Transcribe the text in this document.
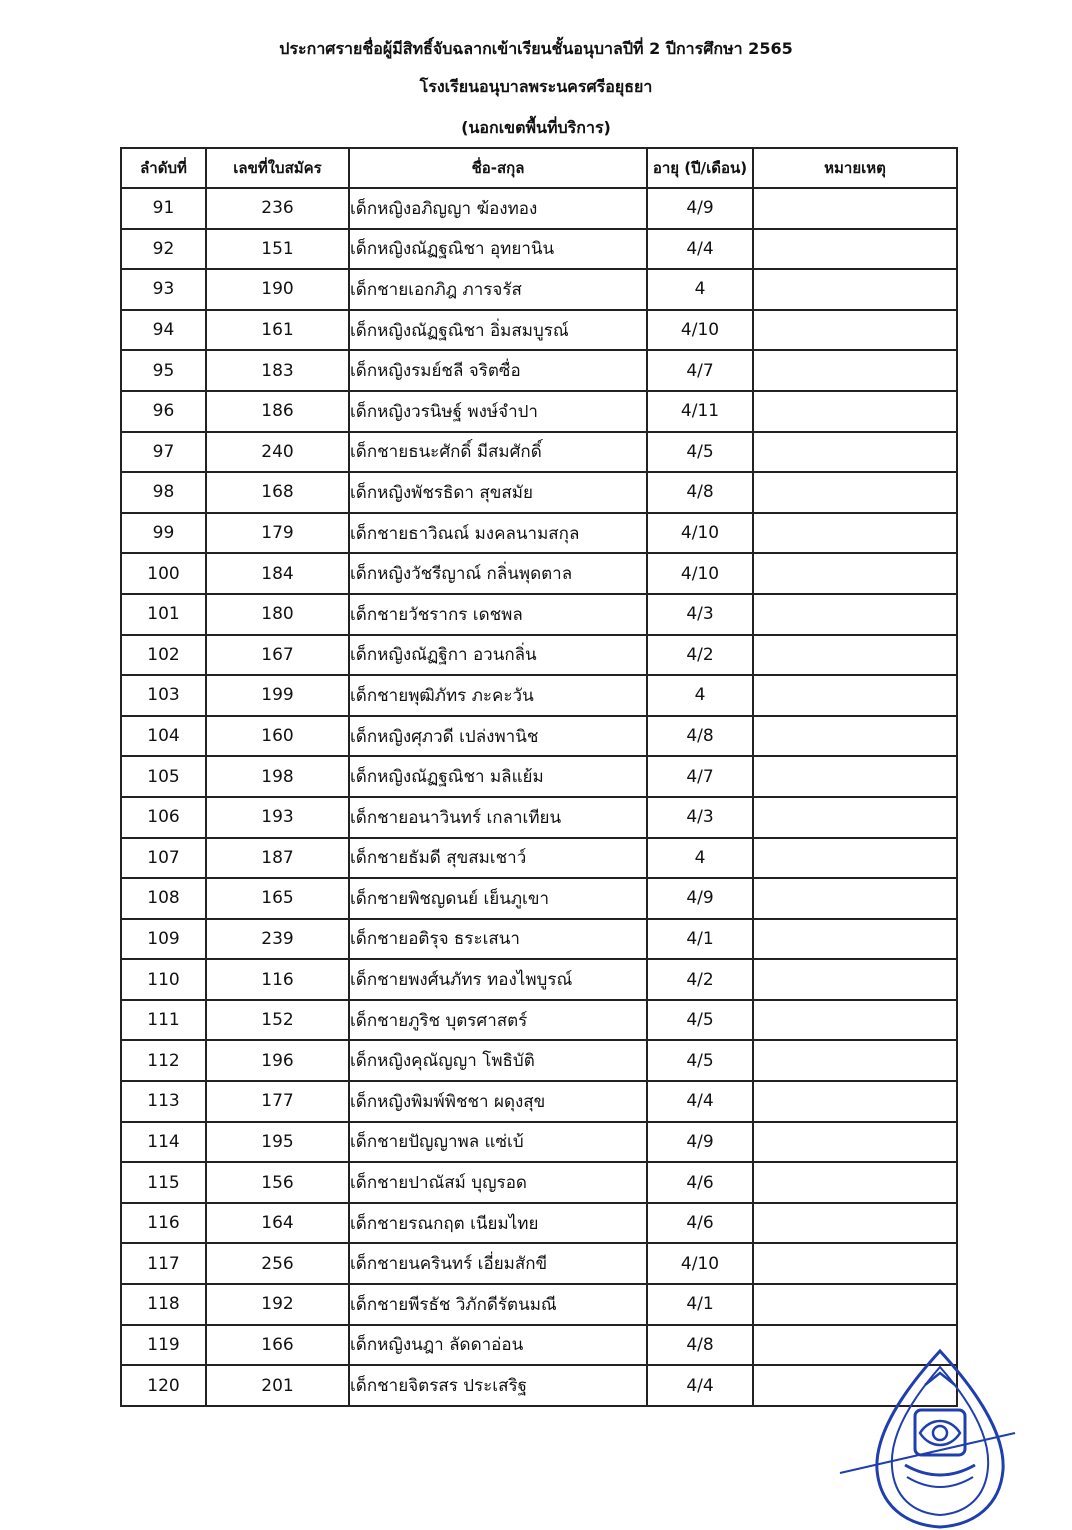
ประกาศรายชื่อผู้มีสิทธิ์จับฉลากเข้าเรียนชั้นอนุบาลปีที่ 2 ปีการศึกษา 2565
โรงเรียนอนุบาลพระนครศรีอยุธยา
(นอกเขตพื้นที่บริการ)
ลำดับที่	เลขที่ใบสมัคร	ชื่อ-สกุล	อายุ (ปี/เดือน)	หมายเหตุ
91	236	เด็กหญิงอภิญญา ฆ้องทอง	4/9	
92	151	เด็กหญิงณัฏฐณิชา อุทยานิน	4/4	
93	190	เด็กชายเอกภิฎ ภารจรัส	4	
94	161	เด็กหญิงณัฏฐณิชา อิ่มสมบูรณ์	4/10	
95	183	เด็กหญิงรมย์ชลี จริตซื่อ	4/7	
96	186	เด็กหญิงวรนิษฐ์ พงษ์จำปา	4/11	
97	240	เด็กชายธนะศักดิ์ มีสมศักดิ์	4/5	
98	168	เด็กหญิงพัชรธิดา สุขสมัย	4/8	
99	179	เด็กชายธาวิณณ์ มงคลนามสกุล	4/10	
100	184	เด็กหญิงวัชรีญาณ์ กลิ่นพุดตาล	4/10	
101	180	เด็กชายวัชรากร เดชพล	4/3	
102	167	เด็กหญิงณัฏฐิกา อวนกลิ่น	4/2	
103	199	เด็กชายพุฒิภัทร ภะคะวัน	4	
104	160	เด็กหญิงศุภวดี เปล่งพานิช	4/8	
105	198	เด็กหญิงณัฏฐณิชา มลิแย้ม	4/7	
106	193	เด็กชายอนาวินทร์ เกลาเทียน	4/3	
107	187	เด็กชายธัมดี สุขสมเชาว์	4	
108	165	เด็กชายพิชญดนย์ เย็นภูเขา	4/9	
109	239	เด็กชายอติรุจ ธระเสนา	4/1	
110	116	เด็กชายพงศ์นภัทร ทองไพบูรณ์	4/2	
111	152	เด็กชายภูริช บุตรศาสตร์	4/5	
112	196	เด็กหญิงคุณัญญา โพธิบัติ	4/5	
113	177	เด็กหญิงพิมพ์พิชชา ผดุงสุข	4/4	
114	195	เด็กชายปัญญาพล แซ่เบ้	4/9	
115	156	เด็กชายปาณัสม์ บุญรอด	4/6	
116	164	เด็กชายรณกฤต เนียมไทย	4/6	
117	256	เด็กชายนครินทร์ เอี่ยมสักขี	4/10	
118	192	เด็กชายพีรธัช วิภักดีรัตนมณี	4/1	
119	166	เด็กหญิงนฎา ลัดดาอ่อน	4/8	
120	201	เด็กชายจิตรสร ประเสริฐ	4/4	
